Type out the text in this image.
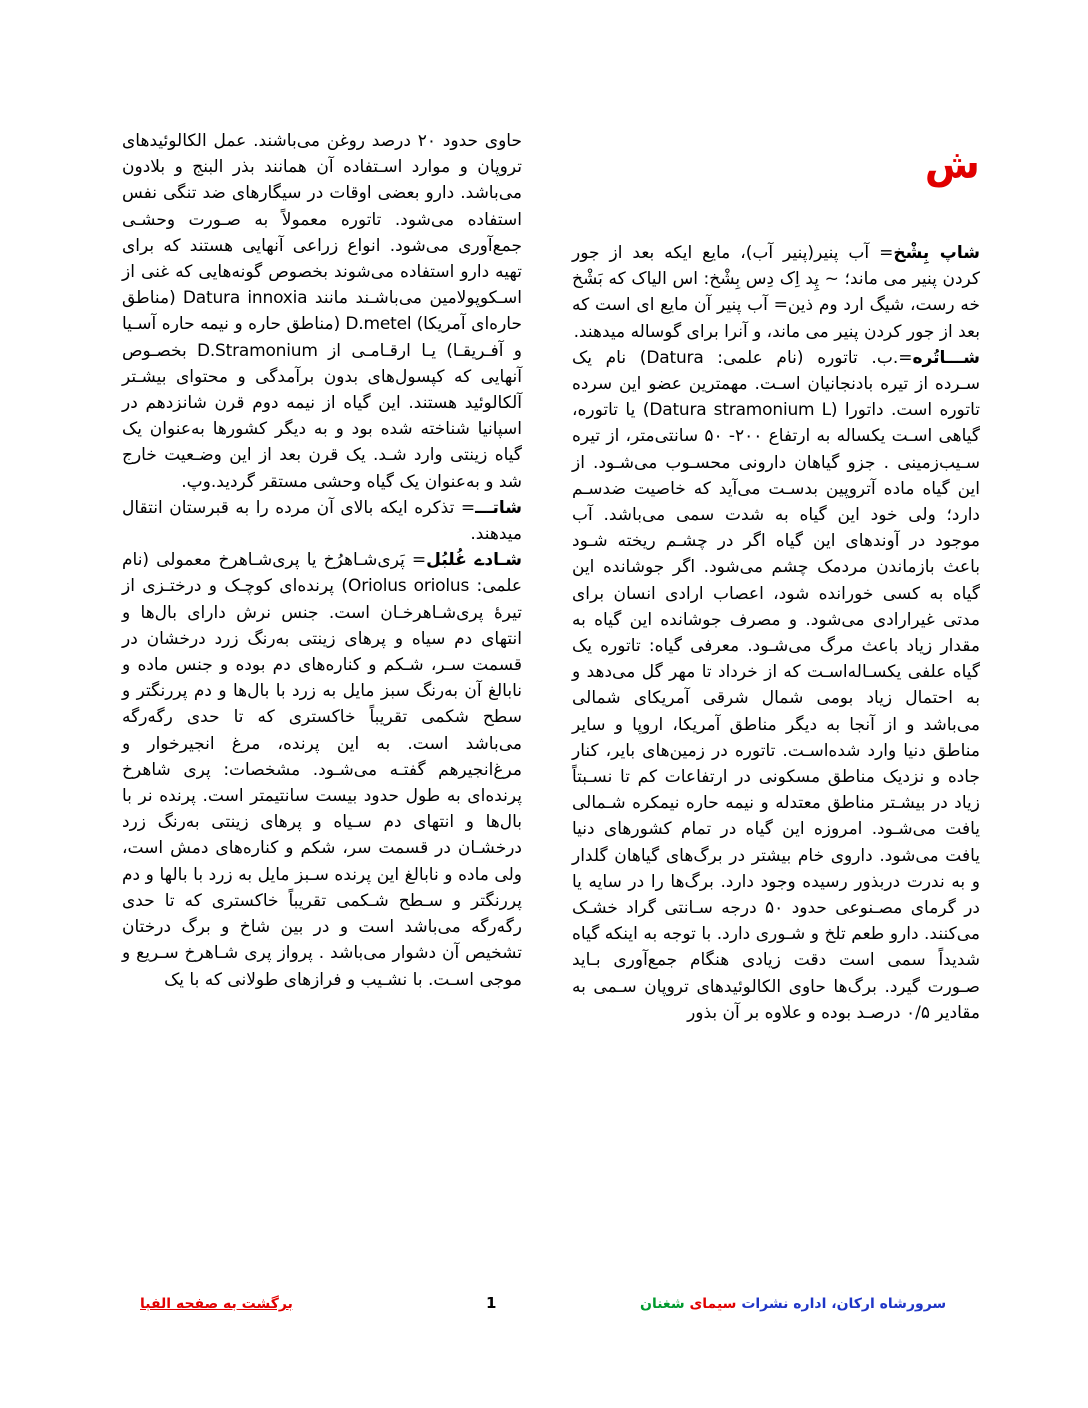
ش

شاپ بِشْخ= آب پنیر(پنیر آب)، مایع ایکه بعد از جور کردن پنیر می ماند؛ ~ پِد اِک دِس بِشْخ: اس الیاک که بَشْخ خه رست، شیگ ارد وم ذین= آب پنیر آن مایع ای است که بعد از جور کردن پنیر می ماند، و آنرا برای گوساله میدهند.

شـــاتُره=.ب. تاتوره (نام علمی: Datura) نام یک سـرده از تیره بادنجانیان اسـت. مهمترین عضو این سرده تاتوره است. داتورا (Datura stramonium L) یا تاتوره، گیاهی اسـت یکساله به ارتفاع ۲۰۰- ۵۰ سانتی‌متر، از تیره سـیب‌زمینی . جزو گیاهان دارونی محسـوب می‌شـود. از این گیاه ماده آتروپین بدسـت می‌آید که خاصیت ضدسـم دارد؛ ولی خود این گیاه به شدت سمی می‌باشد. آب موجود در آوندهای این گیاه اگر در چشـم ریخته شـود باعث بازماندن مردمک چشم می‌شود. اگر جوشانده این گیاه به کسی خورانده شود، اعصاب ارادی انسان برای مدتی غیرارادی می‌شود. و مصرف جوشانده این گیاه به مقدار زیاد باعث مرگ می‌شـود. معرفی گیاه: تاتوره یک گیاه علفی یکسـاله‌اسـت که از خرداد تا مهر گل می‌دهد و به احتمال زیاد بومی شمال شرقی آمریکای شمالی می‌باشد و از آنجا به دیگر مناطق آمریکا، اروپا و سایر مناطق دنیا وارد شده‌اسـت. تاتوره در زمین‌های بایر، کنار جاده و نزدیک مناطق مسکونی در ارتفاعات کم تا نسـبتاً زیاد در بیشـتر مناطق معتدله و نیمه حاره نیمکره شـمالی یافت می‌شـود. امروزه این گیاه در تمام کشورهای دنیا یافت می‌شود. داروی خام بیشتر در برگ‌های گیاهان گلدار و به ندرت دربذور رسیده وجود دارد. برگ‌ها را در سایه یا در گرمای مصـنوعی حدود ۵۰ درجه سـانتی گراد خشـک می‌کنند. دارو طعم تلخ و شـوری دارد. با توجه به اینکه گیاه شدیداً سمی است دقت زیادی هنگام جمع‌آوری بـاید صـورت گیرد. برگ‌ها حاوی الکالوئیدهای تروپان سـمی به مقادیر ۰/۵ درصـد بوده و علاوه بر آن بذور

حاوی حدود ۲۰ درصد روغن می‌باشند. عمل الکالوئیدهای تروپان و موارد اسـتفاده آن همانند بذر البنج و بلادون می‌باشد. دارو بعضی اوقات در سیگارهای ضد تنگی نفس استفاده می‌شود. تاتوره معمولاً به صـورت وحشـی جمع‌آوری می‌شود. انواع زراعی آنهایی هستند که برای تهیه دارو استفاده می‌شوند بخصوص گونه‌هایی که غنی از اسـکوپولامین می‌باشـند مانند Datura innoxia (مناطق حاره‌ای آمریکا) D.metel (مناطق حاره و نیمه حاره آسـیا و آفـریقـا) یـا ارقـامـی از D.Stramonium بخصـوص آنهایی که کپسول‌های بدون برآمدگی و محتوای بیشـتر آلکالوئید هستند. این گیاه از نیمه دوم قرن شانزدهم در اسپانیا شناخته شده بود و به دیگر کشورها به‌عنوان یک گیاه زینتی وارد شـد. یک قرن بعد از این وضـعیت خارج شد و به‌عنوان یک گیاه وحشی مستقر گردید.وپ.

شاتـــ= تذکره ایکه بالای آن مرده را به قبرستان انتقال میدهند.

شـادے غُلبُل= پَری‌شـاهرُخ یا پری‌شـاهرخ معمولی (نام علمی: Oriolus oriolus) پرنده‌ای کوچـک و درختـزی از تیرهٔ پری‌شـاهرخـان است. جنس نرش دارای بال‌ها و انتهای دم سیاه و پرهای زینتی به‌رنگ زرد درخشان در قسمت سـر، شـکم و کناره‌های دم بوده و جنس ماده و نابالغ آن به‌رنگ سبز مایل به زرد با بال‌ها و دم پررنگتر و سطح شکمی تقریباً خاکستری که تا حدی رگه‌رگه می‌باشد است. به این پرنده، مرغ انجیرخوار و مرغ‌انجیرهم گفتـه می‌شـود. مشخصات: پری شاهرخ پرنده‌ای به طول حدود بیست سانتیمتر است. پرنده نر با بال‌ها و انتهای دم سـیاه و پرهای زینتی به‌رنگ زرد درخشـان در قسمت سر، شکم و کناره‌های دمش است، ولی ماده و نابالغ این پرنده سـبز مایل به زرد با بالها و دم پررنگتر و سـطح شـکمی تقریباً خاکستری که تا حدی رگه‌رگه می‌باشد است و در بین شاخ و برگ درختان تشخیص آن دشوار می‌باشد . پرواز پری شـاهرخ سـریع و موجی اسـت. با نشـیب و فرازهای طولانی که با یک

سرورشاه ارکان، اداره نشرات سیمای شغنان
1
برگشت به صفحه الفبا
